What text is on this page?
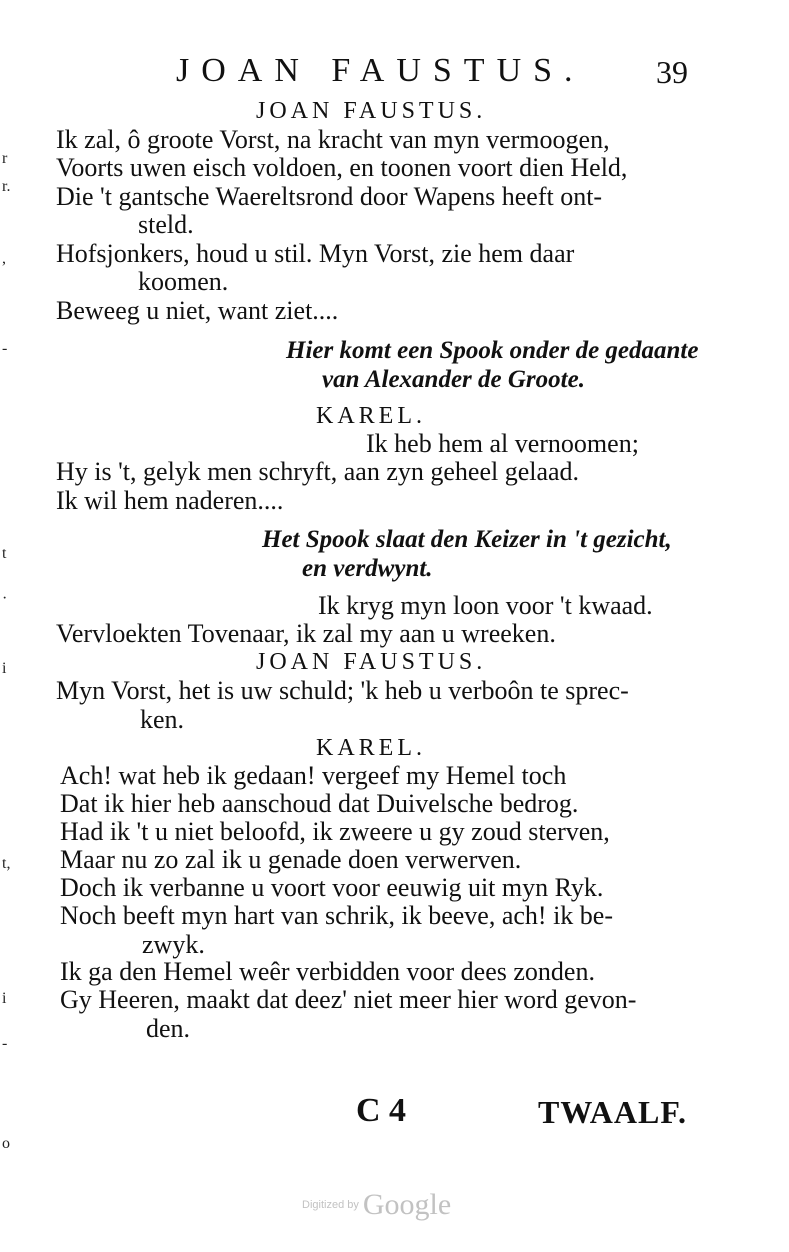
r
r.
,
-
t
·
i
t,
i
-
o
JOAN FAUSTUS. 39
JOAN FAUSTUS.
Ik zal, ô groote Vorst, na kracht van myn vermoogen,
Voorts uwen eisch voldoen, en toonen voort dien Held,
Die 't gantsche Waereltsrond door Wapens heeft ont-
steld.
Hofsjonkers, houd u stil. Myn Vorst, zie hem daar
koomen.
Beweeg u niet, want ziet....
Hier komt een Spook onder de gedaante
van Alexander de Groote.
KAREL.
Ik heb hem al vernoomen;
Hy is 't, gelyk men schryft, aan zyn geheel gelaad.
Ik wil hem naderen....
Het Spook slaat den Keizer in 't gezicht,
en verdwynt.
Ik kryg myn loon voor 't kwaad.
Vervloekten Tovenaar, ik zal my aan u wreeken.
JOAN FAUSTUS.
Myn Vorst, het is uw schuld; 'k heb u verboôn te sprec-
ken.
KAREL.
Ach! wat heb ik gedaan! vergeef my Hemel toch
Dat ik hier heb aanschoud dat Duivelsche bedrog.
Had ik 't u niet beloofd, ik zweere u gy zoud sterven,
Maar nu zo zal ik u genade doen verwerven.
Doch ik verbanne u voort voor eeuwig uit myn Ryk.
Noch beeft myn hart van schrik, ik beeve, ach! ik be-
zwyk.
Ik ga den Hemel weêr verbidden voor dees zonden.
Gy Heeren, maakt dat deez' niet meer hier word gevon-
den.
C 4	TWAALF.
Digitized by Google
